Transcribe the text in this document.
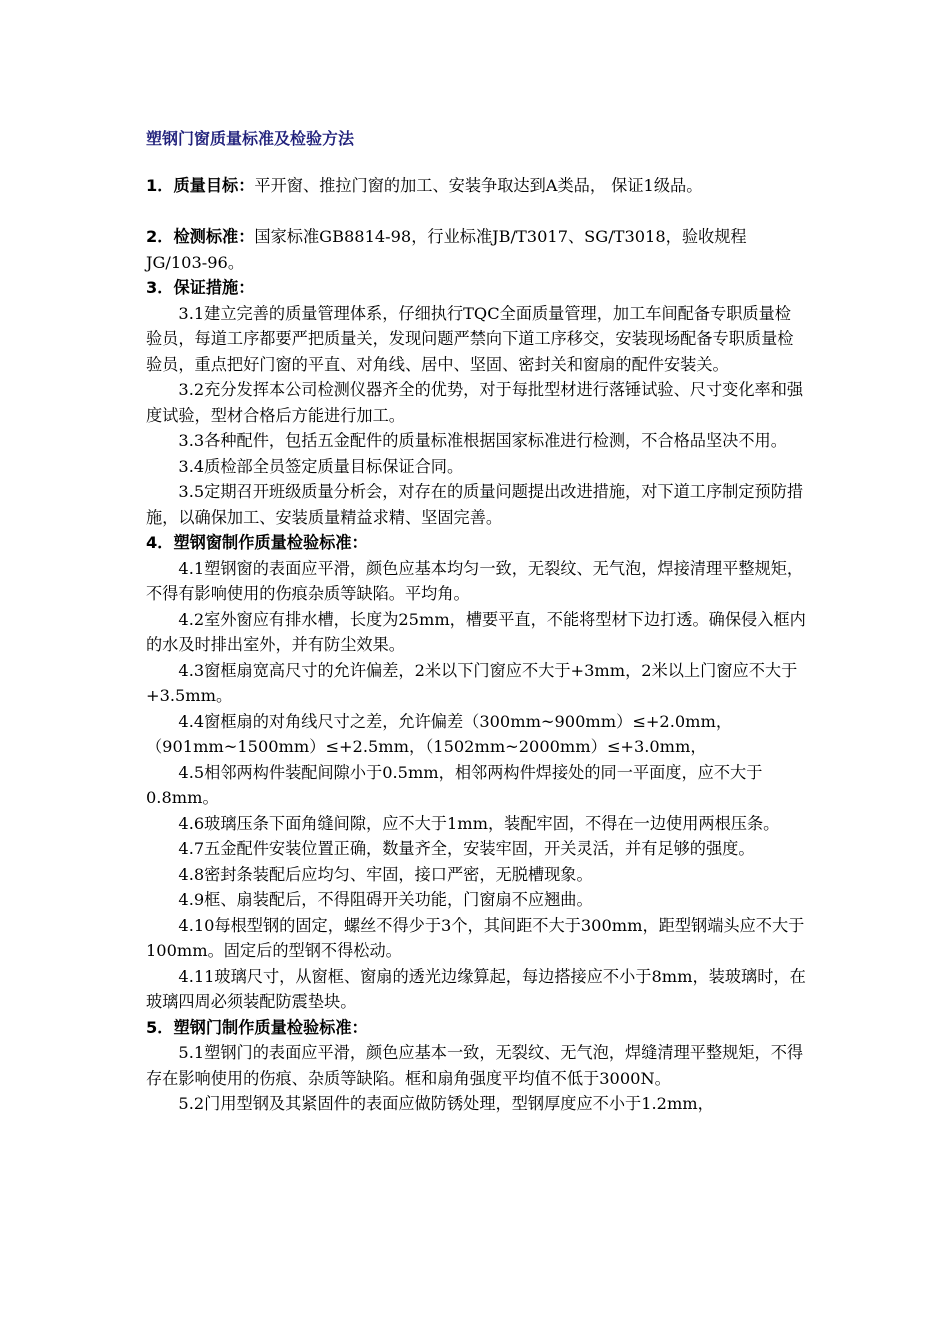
塑钢门窗质量标准及检验方法

1．质量目标：平开窗、推拉门窗的加工、安装争取达到A类品， 保证1级品。

2．检测标准：国家标准GB8814-98，行业标准JB/T3017、SG/T3018，验收规程JG/103-96。

3．保证措施：

3.1建立完善的质量管理体系，仔细执行TQC全面质量管理，加工车间配备专职质量检验员，每道工序都要严把质量关，发现问题严禁向下道工序移交，安装现场配备专职质量检验员，重点把好门窗的平直、对角线、居中、坚固、密封关和窗扇的配件安装关。

3.2充分发挥本公司检测仪器齐全的优势，对于每批型材进行落锤试验、尺寸变化率和强度试验，型材合格后方能进行加工。

3.3各种配件，包括五金配件的质量标准根据国家标准进行检测，不合格品坚决不用。

3.4质检部全员签定质量目标保证合同。

3.5定期召开班级质量分析会，对存在的质量问题提出改进措施，对下道工序制定预防措施，以确保加工、安装质量精益求精、坚固完善。

4．塑钢窗制作质量检验标准：

4.1塑钢窗的表面应平滑，颜色应基本均匀一致，无裂纹、无气泡，焊接清理平整规矩，不得有影响使用的伤痕杂质等缺陷。平均角。

4.2室外窗应有排水槽，长度为25mm，槽要平直，不能将型材下边打透。确保侵入框内的水及时排出室外，并有防尘效果。

4.3窗框扇宽高尺寸的允许偏差，2米以下门窗应不大于+3mm，2米以上门窗应不大于+3.5mm。

4.4窗框扇的对角线尺寸之差，允许偏差（300mm~900mm）≤+2.0mm，

（901mm~1500mm）≤+2.5mm，（1502mm~2000mm）≤+3.0mm，

4.5相邻两构件装配间隙小于0.5mm，相邻两构件焊接处的同一平面度，应不大于0.8mm。

4.6玻璃压条下面角缝间隙，应不大于1mm，装配牢固，不得在一边使用两根压条。

4.7五金配件安装位置正确，数量齐全，安装牢固，开关灵活，并有足够的强度。

4.8密封条装配后应均匀、牢固，接口严密，无脱槽现象。

4.9框、扇装配后，不得阻碍开关功能，门窗扇不应翘曲。

4.10每根型钢的固定，螺丝不得少于3个，其间距不大于300mm，距型钢端头应不大于100mm。固定后的型钢不得松动。

4.11玻璃尺寸，从窗框、窗扇的透光边缘算起，每边搭接应不小于8mm，装玻璃时，在玻璃四周必须装配防震垫块。

5．塑钢门制作质量检验标准：

5.1塑钢门的表面应平滑，颜色应基本一致，无裂纹、无气泡，焊缝清理平整规矩，不得存在影响使用的伤痕、杂质等缺陷。框和扇角强度平均值不低于3000N。

5.2门用型钢及其紧固件的表面应做防锈处理，型钢厚度应不小于1.2mm，
